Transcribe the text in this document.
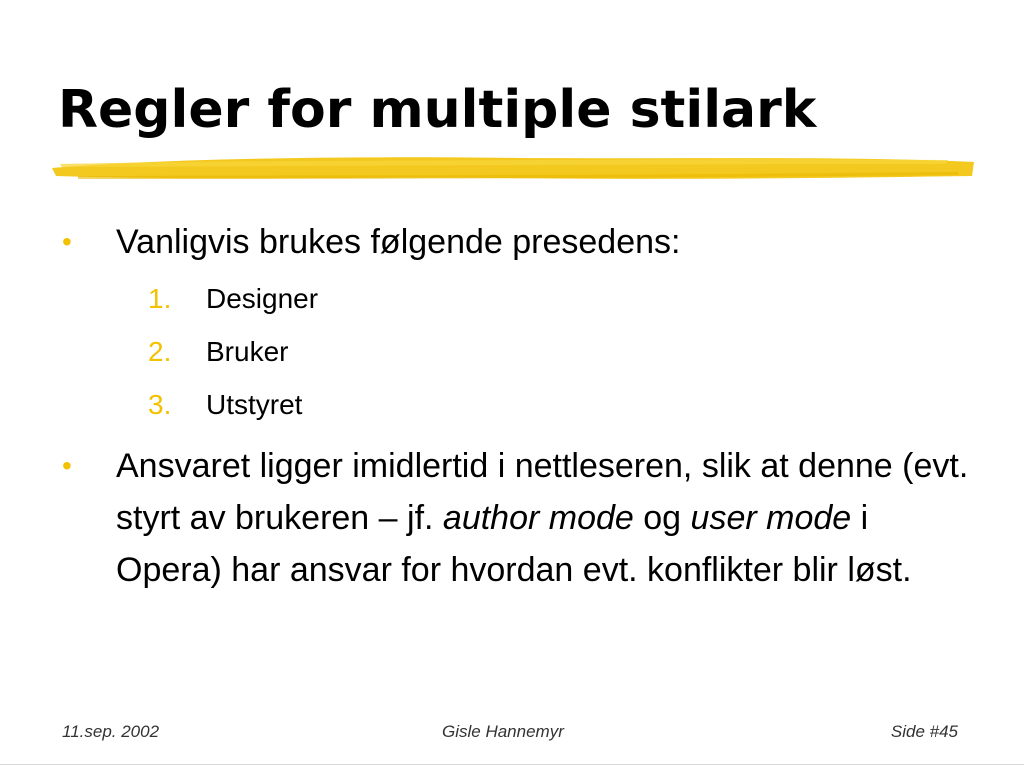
Regler for multiple stilark
• Vanligvis brukes følgende presedens:
1. Designer
2. Bruker
3. Utstyret
• Ansvaret ligger imidlertid i nettleseren, slik at denne (evt. styrt av brukeren – jf. author mode og user mode i Opera) har ansvar for hvordan evt. konflikter blir løst.
11.sep. 2002	Gisle Hannemyr	Side #45
